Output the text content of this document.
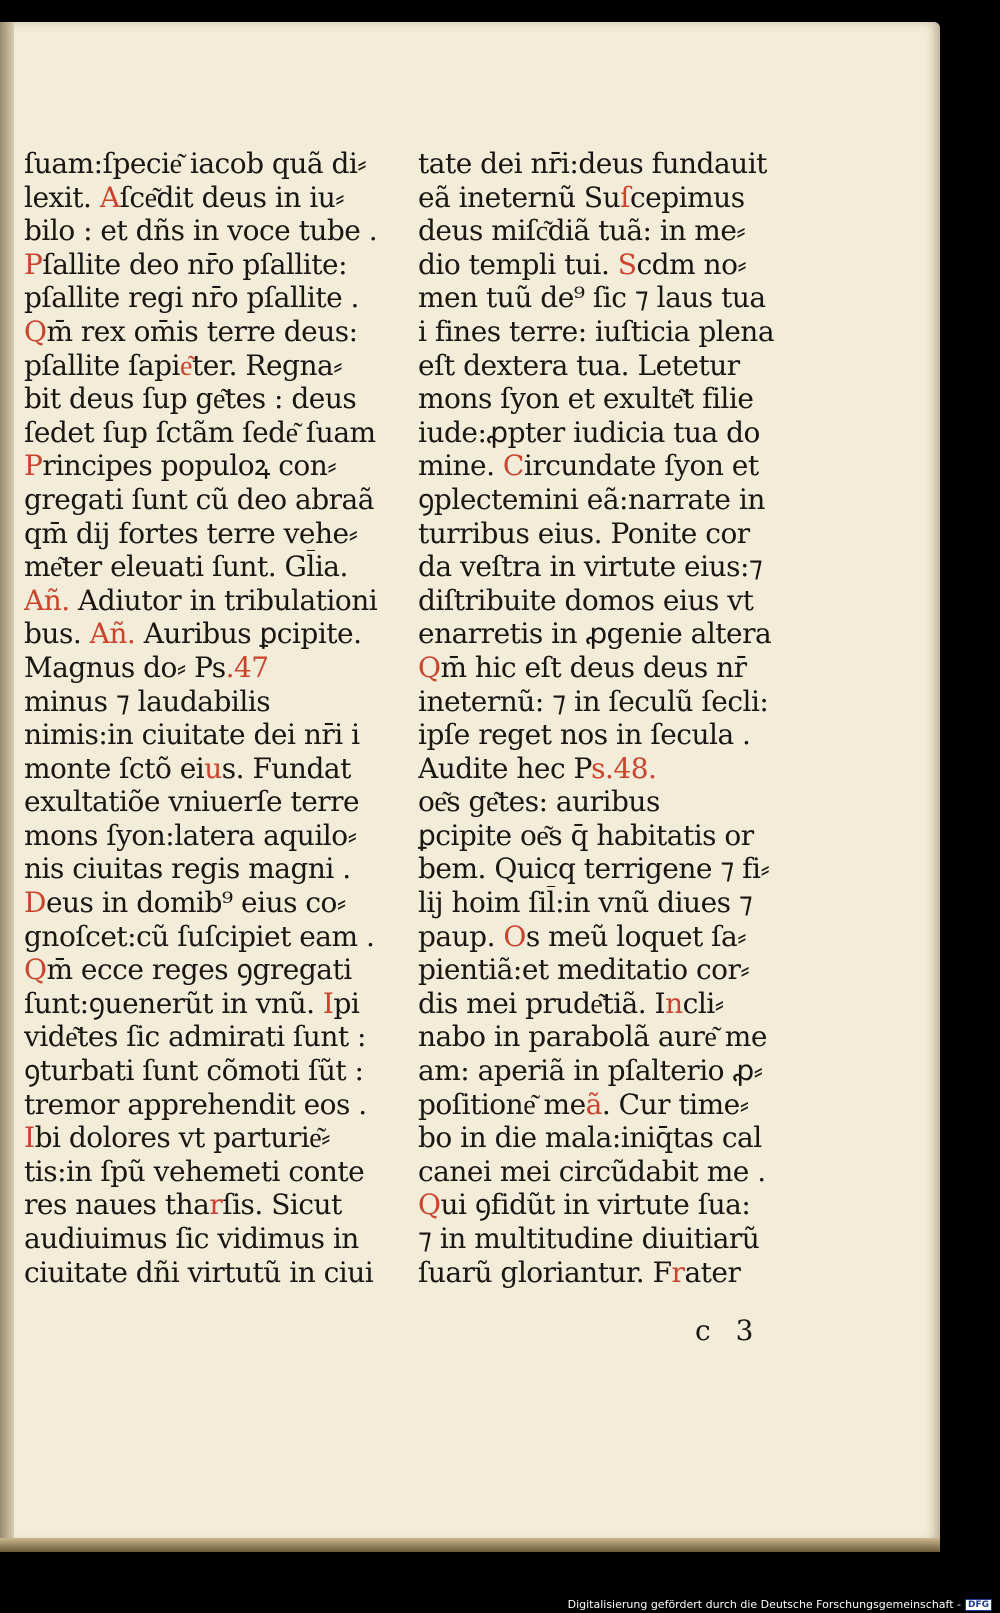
ſuam:ſpecie͂ iacob quã di⸗
lexit. Aſce͂dit deus in iu⸗
bilo : et dñs in voce tube .
Pſallite deo nr̄o pſallite:
pſallite regi nr̄o pſallite .
Qm̄ rex om̄is terre deus:
pſallite ſapie͂ter. Regna⸗
bit deus ſup ge͂tes : deus
ſedet ſup ſctãm ſede͂ ſuam
Principes populoꝝ con⸗
gregati ſunt cũ deo abraã
qm̄ dij fortes terre vehe⸗
me͂ter eleuati ſunt. Gl̄ia.
Añ. Adiutor in tribulationi
bus. Añ. Auribus ꝑcipite.
Magnus do⸗ Ps.47
minus ⁊ laudabilis
nimis:in ciuitate dei nr̄i i
monte ſctõ eius. Fundat
exultatiõe vniuerſe terre
mons ſyon:latera aquilo⸗
nis ciuitas regis magni .
Deus in domib⁹ eius co⸗
gnoſcet:cũ ſuſcipiet eam .
Qm̄ ecce reges ꝯgregati
ſunt:ꝯuenerũt in vnũ. Ipi
vide͂tes ſic admirati ſunt :
ꝯturbati ſunt cõmoti ſũt :
tremor apprehendit eos .
Ibi dolores vt parturie͂⸗
tis:in ſpũ vehemeti conte
res naues tharſis. Sicut
audiuimus ſic vidimus in
ciuitate dñi virtutũ in ciui
tate dei nr̄i:deus fundauit
eã ineternũ Suſcepimus
deus miſc͂diã tuã: in me⸗
dio templi tui. Scdm no⸗
men tuũ de⁹ ſic ⁊ laus tua
i fines terre: iuſticia plena
eſt dextera tua. Letetur
mons ſyon et exulte͂t filie
iude:ꝓpter iudicia tua do
mine. Circundate ſyon et
ꝯplectemini eã:narrate in
turribus eius. Ponite cor
da veſtra in virtute eius:⁊
diſtribuite domos eius vt
enarretis in ꝓgenie altera
Qm̄ hic eſt deus deus nr̄
ineternũ: ⁊ in ſeculũ ſecli:
ipſe reget nos in ſecula .
Audite hec Ps.48.
oe͂s ge͂tes: auribus
ꝑcipite oe͂s q̄ habitatis or
bem. Quicq terrigene ⁊ fi⸗
lij hoim ſil̄:in vnũ diues ⁊
paup. Os meũ loquet ſa⸗
pientiã:et meditatio cor⸗
dis mei prude͂tiã. Incli⸗
nabo in parabolã aure͂ me
am: aperiã in pſalterio ꝓ⸗
poſitione͂ meã. Cur time⸗
bo in die mala:iniq̄tas cal
canei mei circũdabit me .
Qui ꝯfidũt in virtute ſua:
⁊ in multitudine diuitiarũ
ſuarũ gloriantur. Frater
c 3
Digitalisierung gefördert durch die Deutsche Forschungsgemeinschaft - DFG
